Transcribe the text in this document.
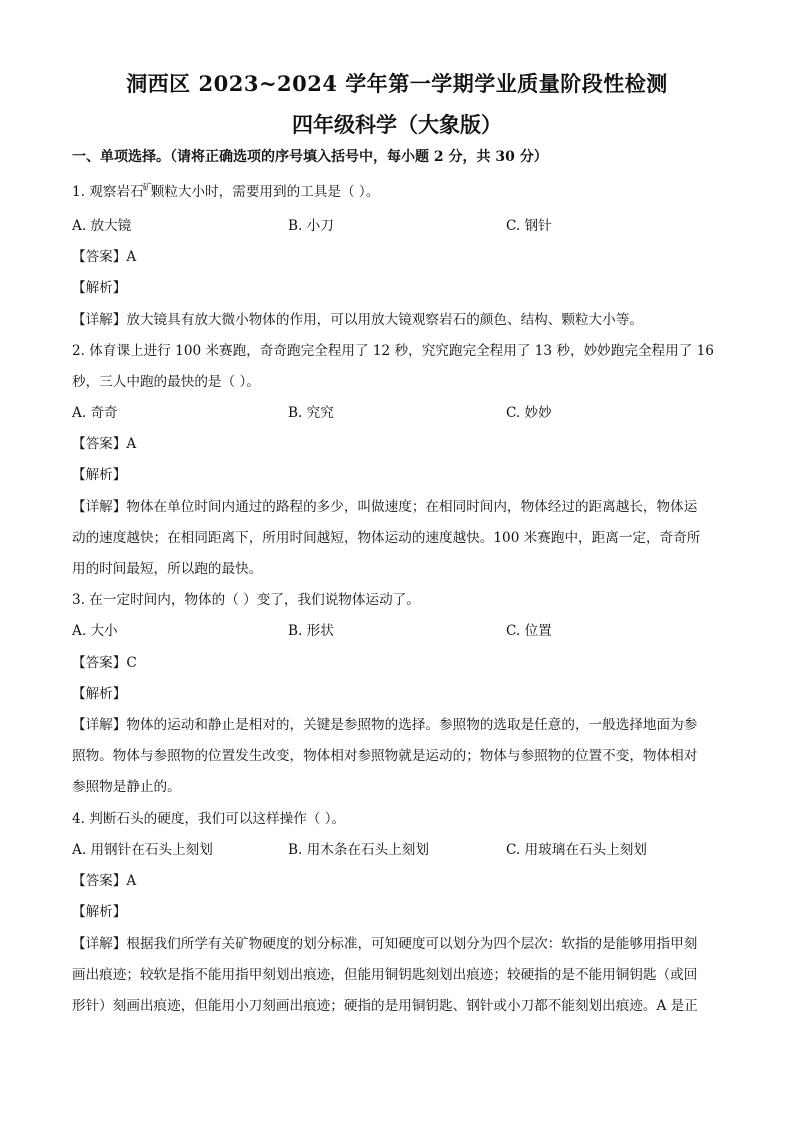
洞西区 2023~2024 学年第一学期学业质量阶段性检测
四年级科学（大象版）
一、单项选择。（请将正确选项的序号填入括号中，每小题 2 分，共 30 分）
1. 观察岩石$^矿$颗粒大小时，需要用到的工具是（ ）。
A. 放大镜	B. 小刀	C. 钢针
【答案】A
【解析】
【详解】放大镜具有放大微小物体的作用，可以用放大镜观察岩石的颜色、结构、颗粒大小等。
2. 体育课上进行 100 米赛跑，奇奇跑完全程用了 12 秒，究究跑完全程用了 13 秒，妙妙跑完全程用了 16
秒，三人中跑的最快的是（ ）。
A. 奇奇	B. 究究	C. 妙妙
【答案】A
【解析】
【详解】物体在单位时间内通过的路程的多少，叫做速度；在相同时间内，物体经过的距离越长，物体运
动的速度越快；在相同距离下，所用时间越短，物体运动的速度越快。100 米赛跑中，距离一定，奇奇所
用的时间最短，所以跑的最快。
3. 在一定时间内，物体的（ ）变了，我们说物体运动了。
A. 大小	B. 形状	C. 位置
【答案】C
【解析】
【详解】物体的运动和静止是相对的，关键是参照物的选择。参照物的选取是任意的，一般选择地面为参
照物。物体与参照物的位置发生改变，物体相对参照物就是运动的；物体与参照物的位置不变，物体相对
参照物是静止的。
4. 判断石头的硬度，我们可以这样操作（ ）。
A. 用钢针在石头上刻划	B. 用木条在石头上刻划	C. 用玻璃在石头上刻划
【答案】A
【解析】
【详解】根据我们所学有关矿物硬度的划分标准，可知硬度可以划分为四个层次：软指的是能够用指甲刻
画出痕迹；较软是指不能用指甲刻划出痕迹，但能用铜钥匙刻划出痕迹；较硬指的是不能用铜钥匙（或回
形针）刻画出痕迹，但能用小刀刻画出痕迹；硬指的是用铜钥匙、钢针或小刀都不能刻划出痕迹。A 是正
